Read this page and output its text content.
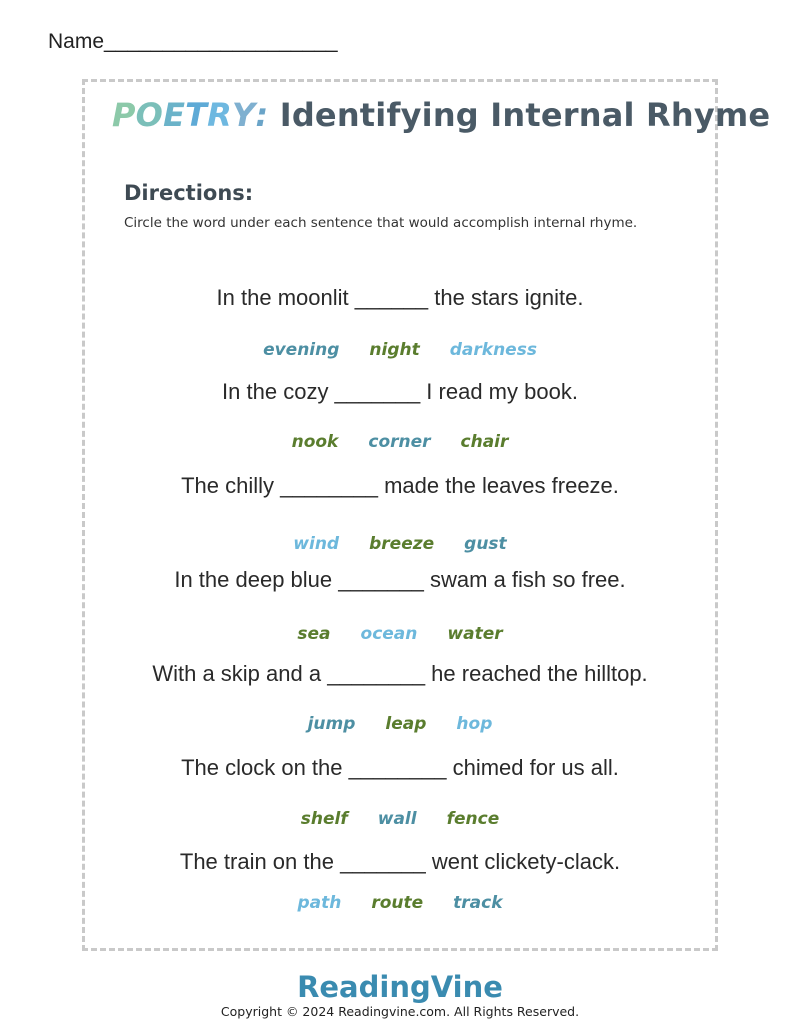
Name____________________
POETRY: Identifying Internal Rhyme
Directions:
Circle the word under each sentence that would accomplish internal rhyme.
In the moonlit ______ the stars ignite.
evening night darkness
In the cozy _______ I read my book.
nook corner chair
The chilly ________ made the leaves freeze.
wind breeze gust
In the deep blue _______ swam a fish so free.
sea ocean water
With a skip and a ________ he reached the hilltop.
jump leap hop
The clock on the ________ chimed for us all.
shelf wall fence
The train on the _______ went clickety-clack.
path route track
ReadingVine
Copyright © 2024 Readingvine.com. All Rights Reserved.
